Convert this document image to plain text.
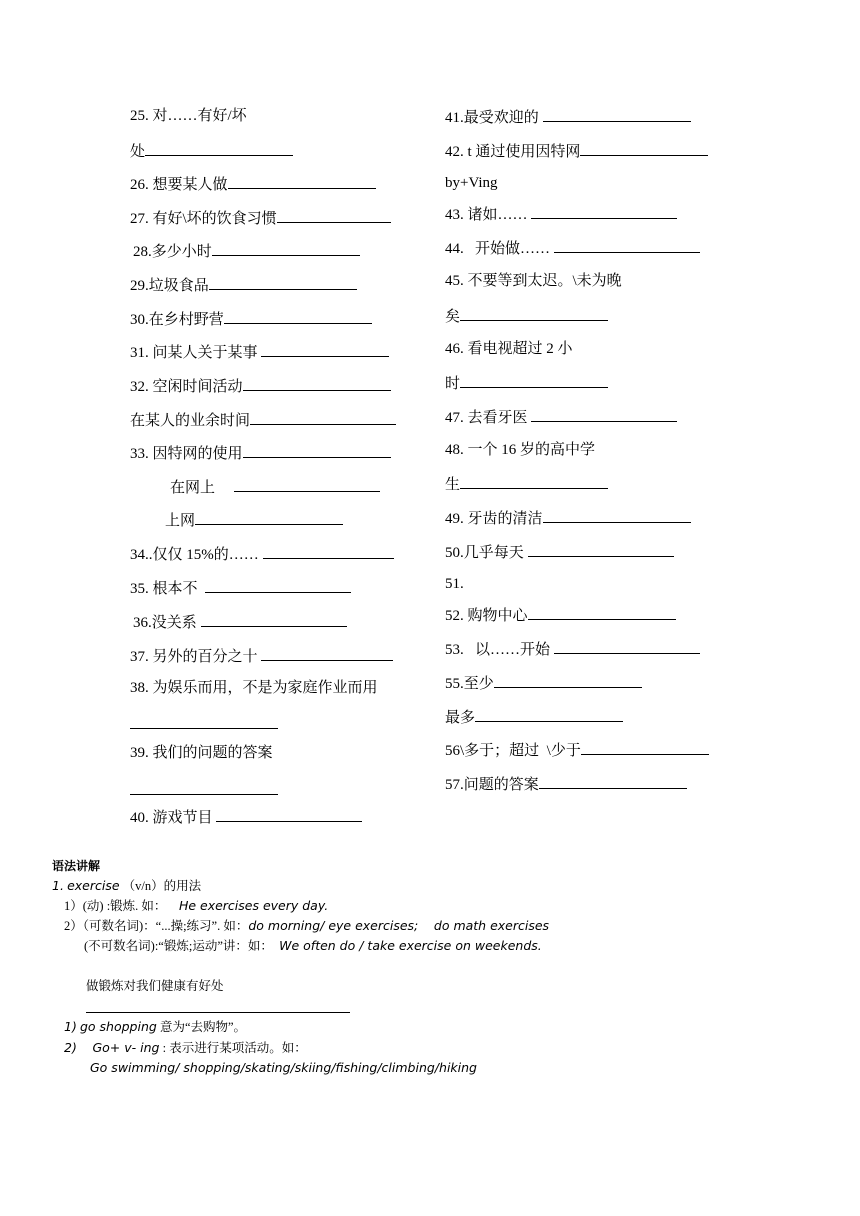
25. 对……有好/坏
处
26. 想要某人做
27. 有好\坏的饮食习惯
28.多少小时
29.垃圾食品
30.在乡村野营
31. 问某人关于某事
32. 空闲时间活动
在某人的业余时间
33. 因特网的使用
在网上
上网
34..仅仅 15%的……
35. 根本不
36.没关系
37. 另外的百分之十
38. 为娱乐而用，不是为家庭作业而用
39. 我们的问题的答案
40. 游戏节目
41.最受欢迎的
42. t 通过使用因特网
by+Ving
43. 诸如……
44.   开始做……
45. 不要等到太迟。\未为晚
矣
46. 看电视超过 2 小
时
47. 去看牙医
48. 一个 16 岁的高中学
生
49. 牙齿的清洁
50.几乎每天
51.
52. 购物中心
53.   以……开始
55.至少
最多
56\多于；超过  \少于
57.问题的答案
语法讲解
1. exercise （v/n）的用法
1）(动) :锻炼. 如： He exercises every day.
2）（可数名词)：“...操;练习”. 如：do morning/ eye exercises; do math exercises
(不可数名词):“锻炼;运动”讲：如： We often do / take exercise on weekends.
做锻炼对我们健康有好处
1) go shopping 意为“去购物”。
2) Go+ v- ing : 表示进行某项活动。如：
Go swimming/ shopping/skating/skiing/fishing/climbing/hiking
